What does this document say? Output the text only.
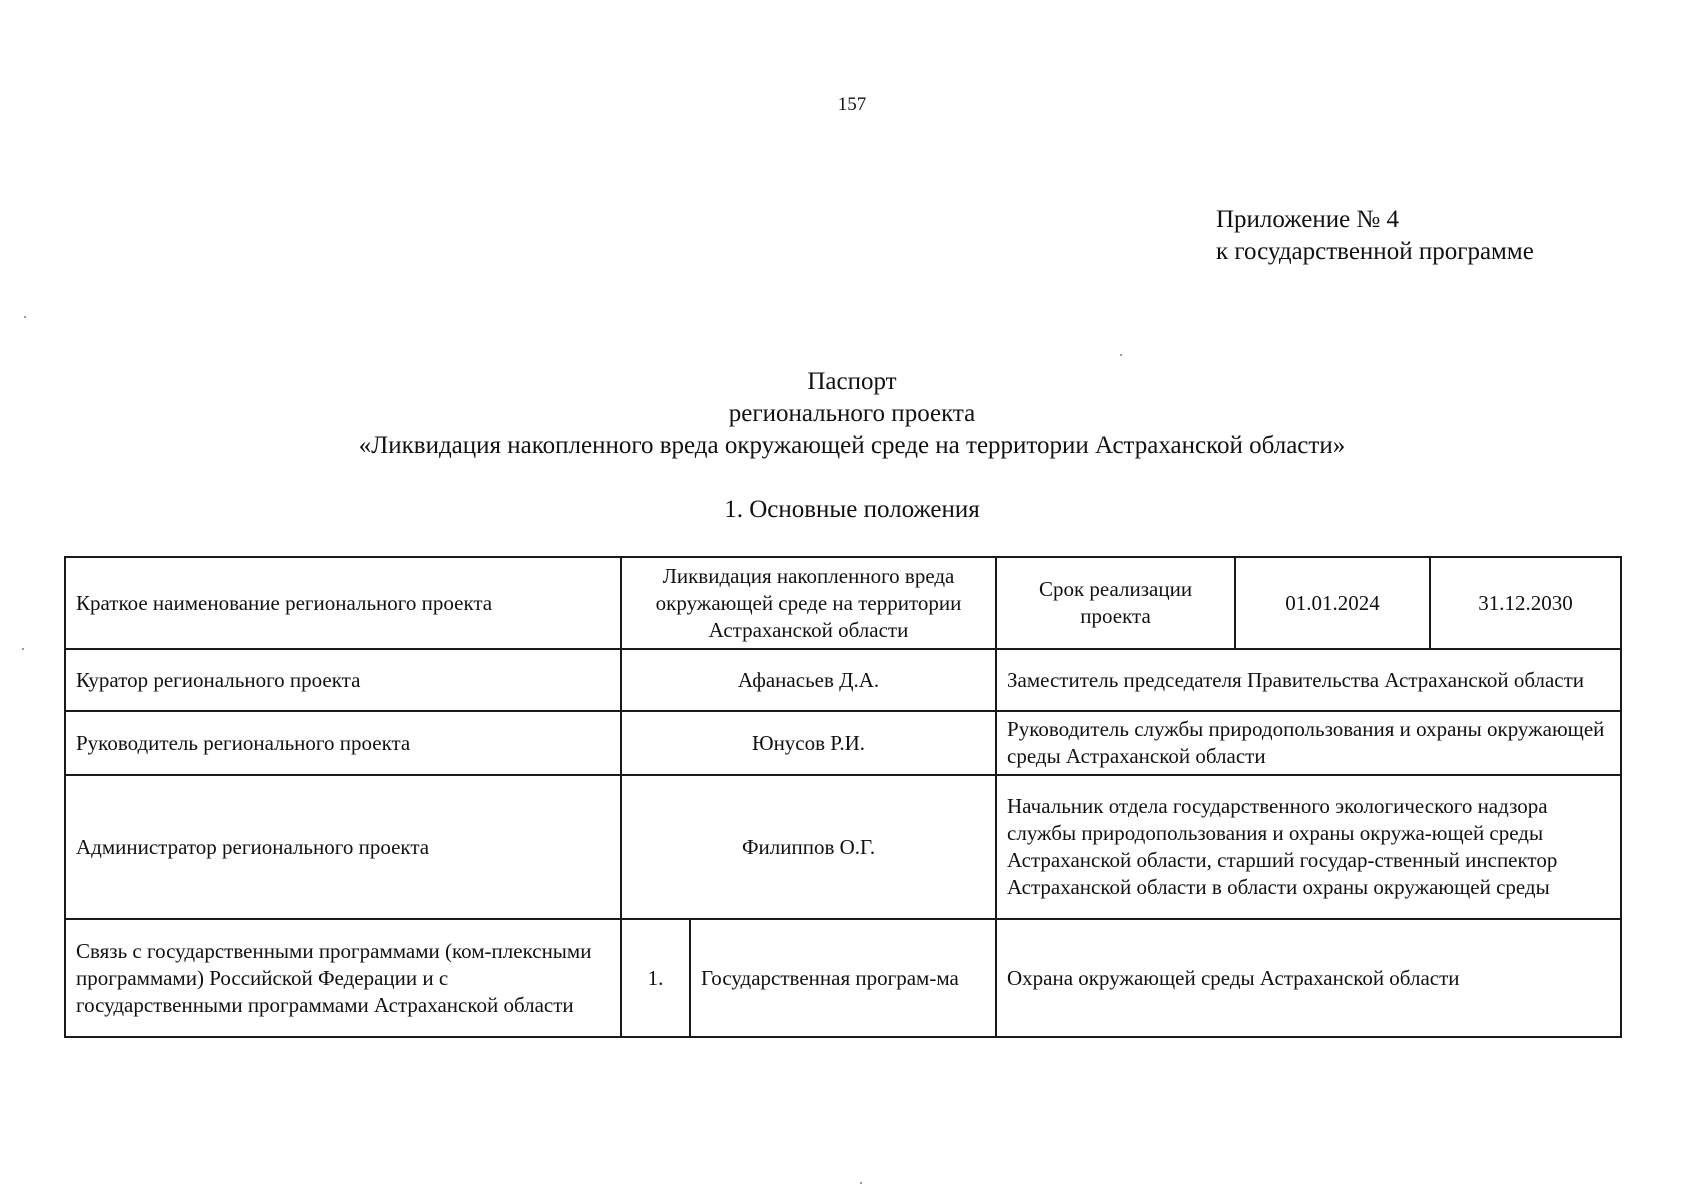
157
Приложение № 4
к государственной программе
Паспорт
регионального проекта
«Ликвидация накопленного вреда окружающей среде на территории Астраханской области»
1. Основные положения
Краткое наименование регионального проекта	Ликвидация накопленного вреда окружающей среде на территории Астраханской области		Срок реализации проекта	01.01.2024	31.12.2030
Куратор регионального проекта	Афанасьев Д.А.		Заместитель председателя Правительства Астраханской области		
Руководитель регионального проекта	Юнусов Р.И.		Руководитель службы природопользования и охраны окружающей среды Астраханской области		
Администратор регионального проекта	Филиппов О.Г.		Начальник отдела государственного экологического надзора службы природопользования и охраны окружа-ющей среды Астраханской области, старший государ-ственный инспектор Астраханской области в области охраны окружающей среды		
Связь с государственными программами (ком-плексными программами) Российской Федерации и с государственными программами Астраханской области	1.	Государственная програм-ма	Охрана окружающей среды Астраханской области		
